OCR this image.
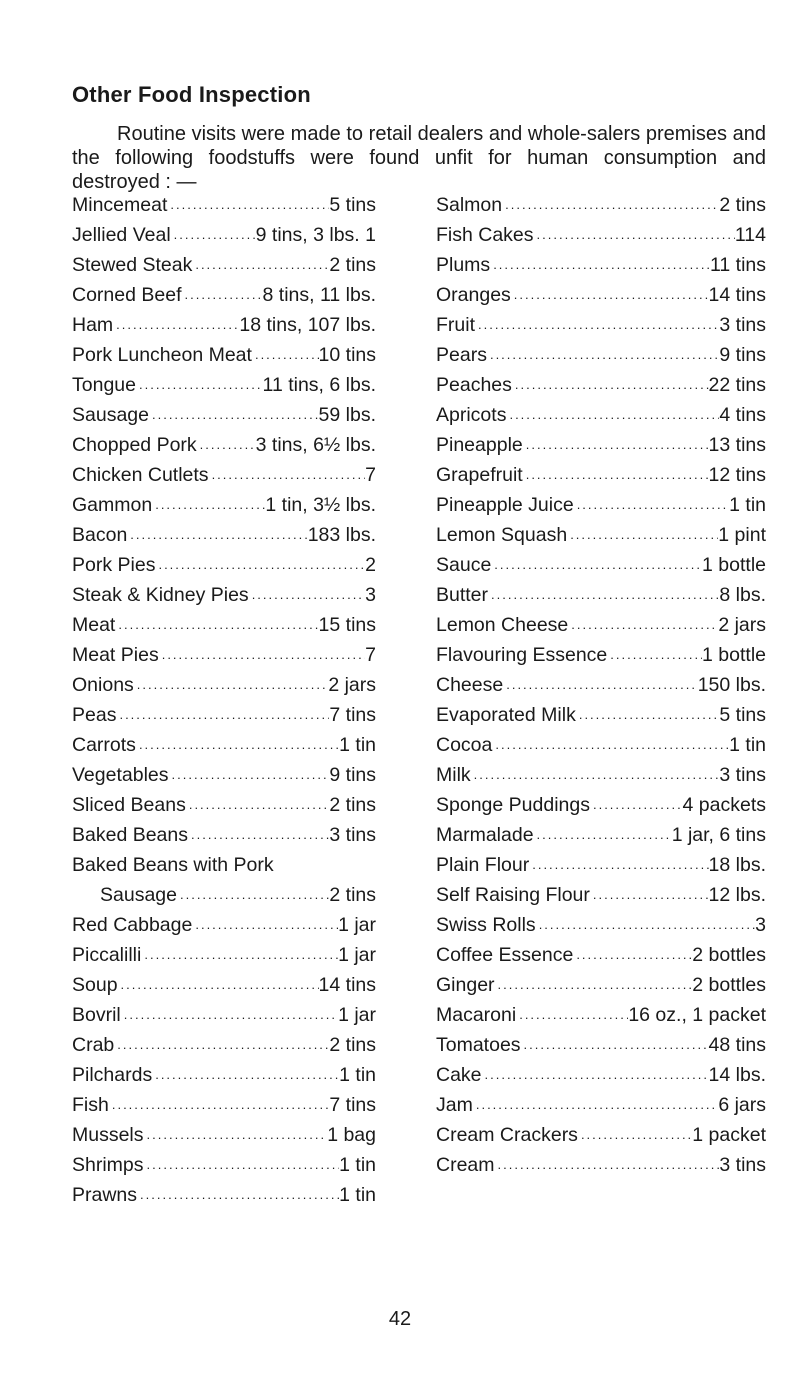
Other Food Inspection

Routine visits were made to retail dealers and whole-salers premises and the following foodstuffs were found unfit for human consumption and destroyed : —

Mincemeat .....	5 tins
Jellied Veal .....	9 tins, 3 lbs. 1
Stewed Steak .....	2 tins
Corned Beef .....	8 tins, 11 lbs.
Ham .....	18 tins, 107 lbs.
Pork Luncheon Meat .....	10 tins
Tongue .....	11 tins, 6 lbs.
Sausage .....	59 lbs.
Chopped Pork .....	3 tins, 6½ lbs.
Chicken Cutlets .....	7
Gammon .....	1 tin, 3½ lbs.
Bacon .....	183 lbs.
Pork Pies .....	2
Steak & Kidney Pies .....	3
Meat .....	15 tins
Meat Pies .....	7
Onions .....	2 jars
Peas .....	7 tins
Carrots .....	1 tin
Vegetables .....	9 tins
Sliced Beans .....	2 tins
Baked Beans .....	3 tins
Baked Beans with Pork
Sausage .....	2 tins
Red Cabbage .....	1 jar
Piccalilli .....	1 jar
Soup .....	14 tins
Bovril .....	1 jar
Crab .....	2 tins
Pilchards .....	1 tin
Fish .....	7 tins
Mussels .....	1 bag
Shrimps .....	1 tin
Prawns .....	1 tin
Salmon .....	2 tins
Fish Cakes .....	114
Plums .....	11 tins
Oranges .....	14 tins
Fruit .....	3 tins
Pears .....	9 tins
Peaches .....	22 tins
Apricots .....	4 tins
Pineapple .....	13 tins
Grapefruit .....	12 tins
Pineapple Juice .....	1 tin
Lemon Squash .....	1 pint
Sauce .....	1 bottle
Butter .....	8 lbs.
Lemon Cheese .....	2 jars
Flavouring Essence .....	1 bottle
Cheese .....	150 lbs.
Evaporated Milk .....	5 tins
Cocoa .....	1 tin
Milk .....	3 tins
Sponge Puddings .....	4 packets
Marmalade .....	1 jar, 6 tins
Plain Flour .....	18 lbs.
Self Raising Flour .....	12 lbs.
Swiss Rolls .....	3
Coffee Essence .....	2 bottles
Ginger .....	2 bottles
Macaroni .....	16 oz., 1 packet
Tomatoes .....	48 tins
Cake .....	14 lbs.
Jam .....	6 jars
Cream Crackers .....	1 packet
Cream .....	3 tins
42
